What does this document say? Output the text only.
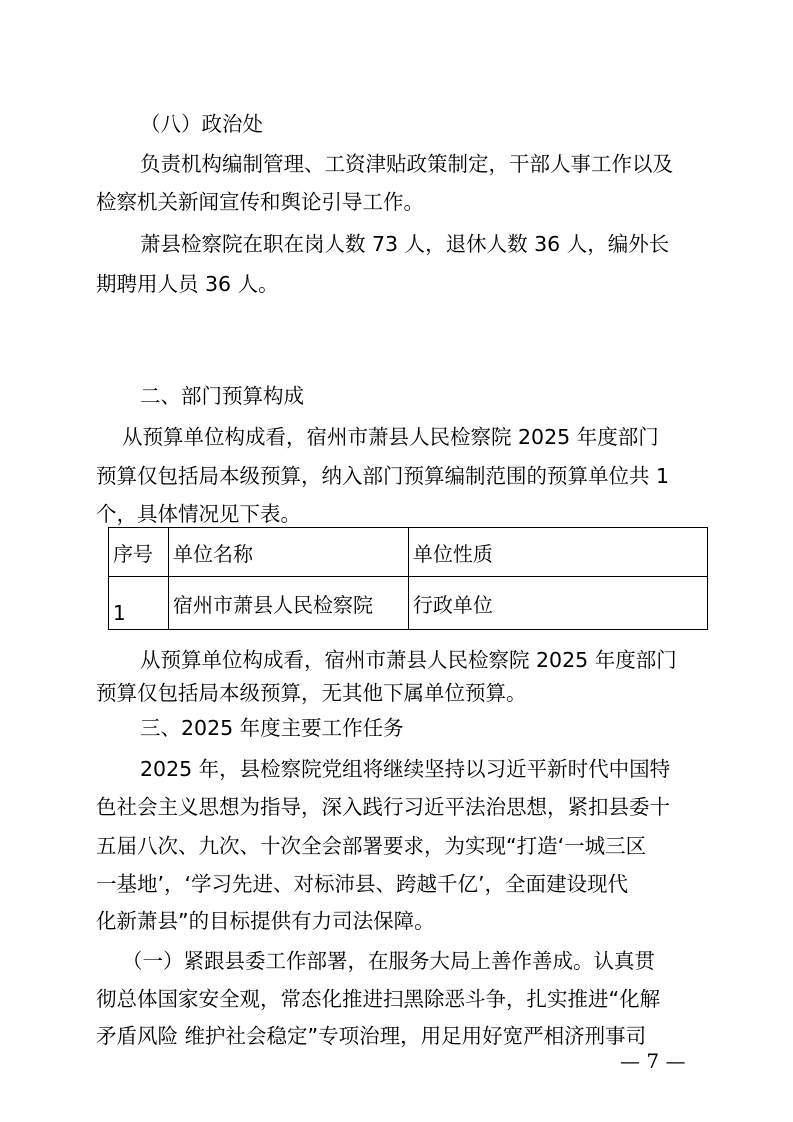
（八）政治处
负责机构编制管理、工资津贴政策制定，干部人事工作以及
检察机关新闻宣传和舆论引导工作。
萧县检察院在职在岗人数 73 人，退休人数 36 人，编外长
期聘用人员 36 人。
二、部门预算构成
从预算单位构成看，宿州市萧县人民检察院 2025 年度部门
预算仅包括局本级预算，纳入部门预算编制范围的预算单位共 1
个，具体情况见下表。
序号	单位名称	单位性质
1	宿州市萧县人民检察院	行政单位
从预算单位构成看，宿州市萧县人民检察院 2025 年度部门
预算仅包括局本级预算，无其他下属单位预算。
三、2025 年度主要工作任务
2025 年，县检察院党组将继续坚持以习近平新时代中国特
色社会主义思想为指导，深入践行习近平法治思想，紧扣县委十
五届八次、九次、十次全会部署要求，为实现“打造‘一城三区
一基地’，‘学习先进、对标沛县、跨越千亿’，全面建设现代
化新萧县”的目标提供有力司法保障。
（一）紧跟县委工作部署，在服务大局上善作善成。认真贯
彻总体国家安全观，常态化推进扫黑除恶斗争，扎实推进“化解
矛盾风险 维护社会稳定”专项治理，用足用好宽严相济刑事司
— 7 —
